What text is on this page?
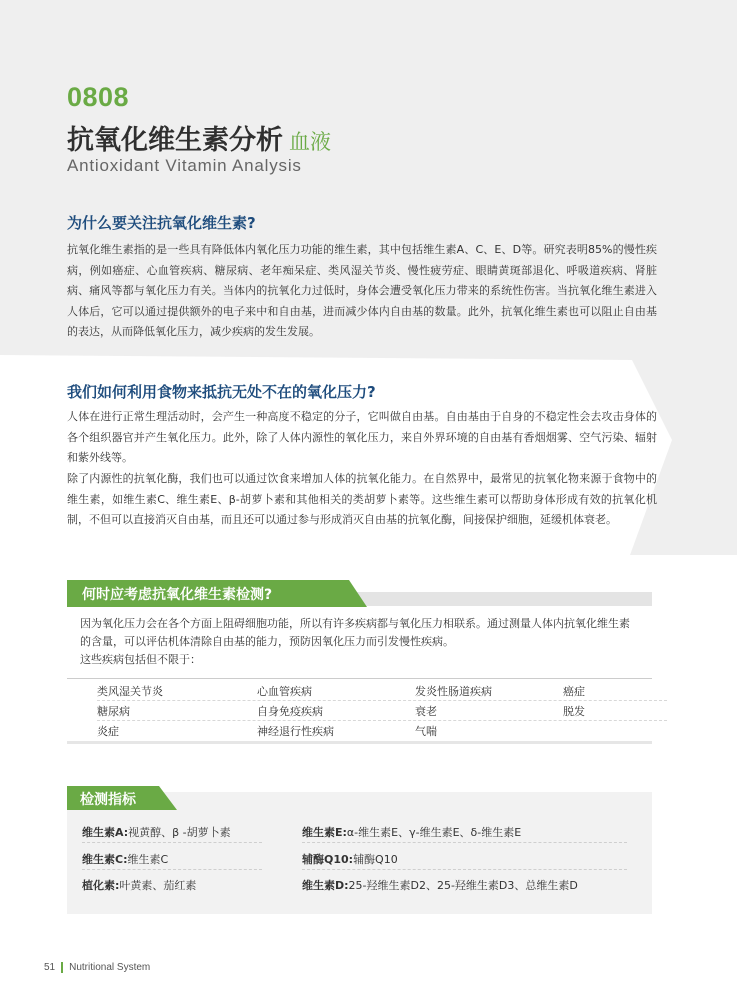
0808
抗氧化维生素分析 血液
Antioxidant Vitamin Analysis
为什么要关注抗氧化维生素?
抗氧化维生素指的是一些具有降低体内氧化压力功能的维生素，其中包括维生素A、C、E、D等。研究表明85%的慢性疾病，例如癌症、心血管疾病、糖尿病、老年痴呆症、类风湿关节炎、慢性疲劳症、眼睛黄斑部退化、呼吸道疾病、肾脏病、痛风等都与氧化压力有关。当体内的抗氧化力过低时，身体会遭受氧化压力带来的系统性伤害。当抗氧化维生素进入人体后，它可以通过提供额外的电子来中和自由基，进而减少体内自由基的数量。此外，抗氧化维生素也可以阻止自由基的表达，从而降低氧化压力，减少疾病的发生发展。
我们如何利用食物来抵抗无处不在的氧化压力?
人体在进行正常生理活动时，会产生一种高度不稳定的分子，它叫做自由基。自由基由于自身的不稳定性会去攻击身体的各个组织器官并产生氧化压力。此外，除了人体内源性的氧化压力，来自外界环境的自由基有香烟烟雾、空气污染、辐射和紫外线等。
除了内源性的抗氧化酶，我们也可以通过饮食来增加人体的抗氧化能力。在自然界中，最常见的抗氧化物来源于食物中的维生素，如维生素C、维生素E、β-胡萝卜素和其他相关的类胡萝卜素等。这些维生素可以帮助身体形成有效的抗氧化机制，不但可以直接消灭自由基，而且还可以通过参与形成消灭自由基的抗氧化酶，间接保护细胞，延缓机体衰老。
何时应考虑抗氧化维生素检测?
因为氧化压力会在各个方面上阻碍细胞功能，所以有许多疾病都与氧化压力相联系。通过测量人体内抗氧化维生素的含量，可以评估机体清除自由基的能力，预防因氧化压力而引发慢性疾病。
这些疾病包括但不限于：
类风湿关节炎	心血管疾病	发炎性肠道疾病	癌症
糖尿病	自身免疫疾病	衰老	脱发
炎症	神经退行性疾病	气喘
检测指标
维生素A:视黄醇、β -胡萝卜素	维生素E:α-维生素E、γ-维生素E、δ-维生素E
维生素C:维生素C	辅酶Q10:辅酶Q10
植化素:叶黄素、茄红素	维生素D:25-羟维生素D2、25-羟维生素D3、总维生素D
51 Nutritional System
